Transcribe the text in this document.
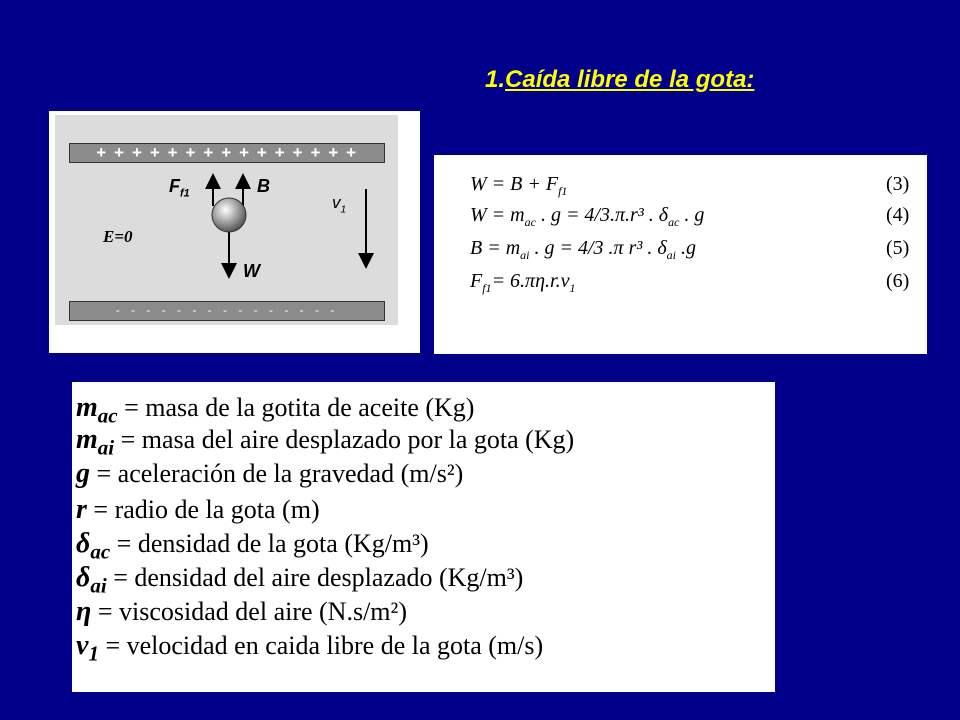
1.Caída libre de la gota:
+ + + + + + + + + + + + + + +
- - - - - - - - - - - - - - -
$F_{f1}$	B
W
$v_1$
E=0
$W = B + F_{f1}$	(3)
$W = m_{ac}$ . g = 4/3.π.r³ . $\delta_{ac}$ . g	(4)
$B = m_{ai}$ . g = 4/3 .π r³ . $\delta_{ai}$ .g	(5)
$F_{f1}= 6.\pi\eta.r.v_1$	(6)
$m_{ac}$ = masa de la gotita de aceite (Kg)
$m_{ai}$ = masa del aire desplazado por la gota (Kg)
g = aceleración de la gravedad (m/s²)
r = radio de la gota (m)
$\delta_{ac}$ = densidad de la gota (Kg/m³)
$\delta_{ai}$ = densidad del aire desplazado (Kg/m³)
η = viscosidad del aire (N.s/m²)
$v_1$ = velocidad en caida libre de la gota (m/s)
